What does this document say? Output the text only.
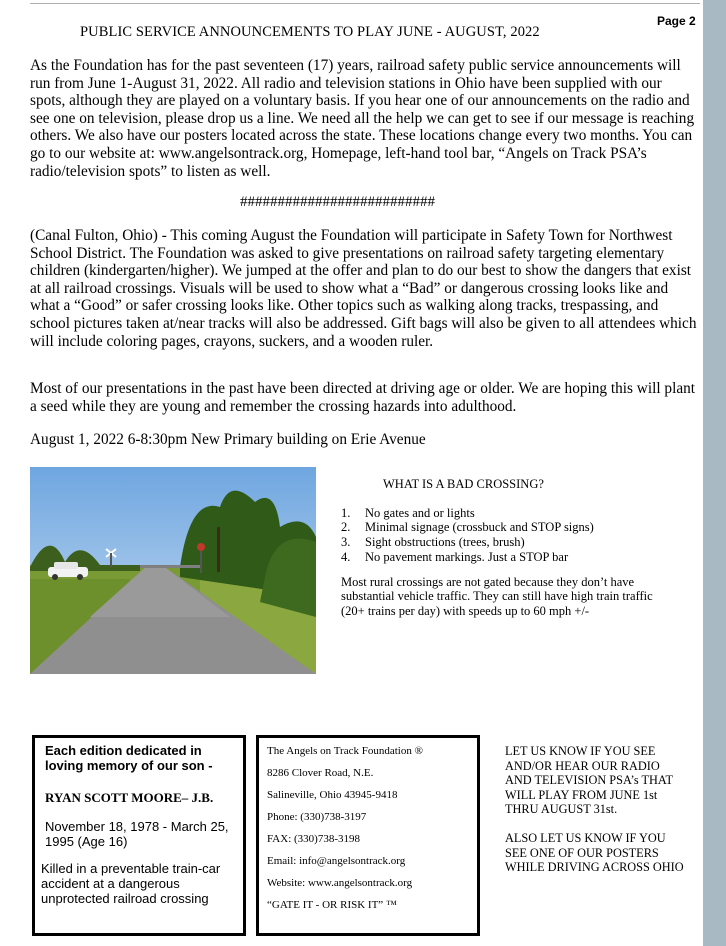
Page 2
PUBLIC SERVICE ANNOUNCEMENTS TO PLAY JUNE - AUGUST, 2022
As the Foundation has for the past seventeen (17) years, railroad safety public service announcements will run from June 1-August 31, 2022. All radio and television stations in Ohio have been supplied with our spots, although they are played on a voluntary basis. If you hear one of our announcements on the radio and see one on television, please drop us a line. We need all the help we can get to see if our message is reaching others. We also have our posters located across the state. These locations change every two months. You can go to our website at: www.angelsontrack.org, Homepage, left-hand tool bar, “Angels on Track PSA’s radio/television spots” to listen as well.
##########################
(Canal Fulton, Ohio) - This coming August the Foundation will participate in Safety Town for Northwest School District. The Foundation was asked to give presentations on railroad safety targeting elementary children (kindergarten/higher). We jumped at the offer and plan to do our best to show the dangers that exist at all railroad crossings. Visuals will be used to show what a “Bad” or dangerous crossing looks like and what a “Good” or safer crossing looks like. Other topics such as walking along tracks, trespassing, and school pictures taken at/near tracks will also be addressed. Gift bags will also be given to all attendees which will include coloring pages, crayons, suckers, and a wooden ruler.
Most of our presentations in the past have been directed at driving age or older. We are hoping this will plant a seed while they are young and remember the crossing hazards into adulthood.
August 1, 2022 6-8:30pm New Primary building on Erie Avenue
WHAT IS A BAD CROSSING?
1.	No gates and or lights
2.	Minimal signage (crossbuck and STOP signs)
3.	Sight obstructions (trees, brush)
4.	No pavement markings. Just a STOP bar

Most rural crossings are not gated because they don’t have substantial vehicle traffic. They can still have high train traffic (20+ trains per day) with speeds up to 60 mph +/-

Each edition dedicated in loving memory of our son -
RYAN SCOTT MOORE– J.B.
November 18, 1978 - March 25, 1995 (Age 16)
Killed in a preventable train-car accident at a dangerous unprotected railroad crossing
The Angels on Track Foundation ®
8286 Clover Road, N.E.
Salineville, Ohio 43945-9418
Phone: (330)738-3197
FAX: (330)738-3198
Email: info@angelsontrack.org
Website: www.angelsontrack.org
“GATE IT - OR RISK IT” ™

LET US KNOW IF YOU SEE AND/OR HEAR OUR RADIO AND TELEVISION PSA’s THAT WILL PLAY FROM JUNE 1st THRU AUGUST 31st.

ALSO LET US KNOW IF YOU SEE ONE OF OUR POSTERS WHILE DRIVING ACROSS OHIO
